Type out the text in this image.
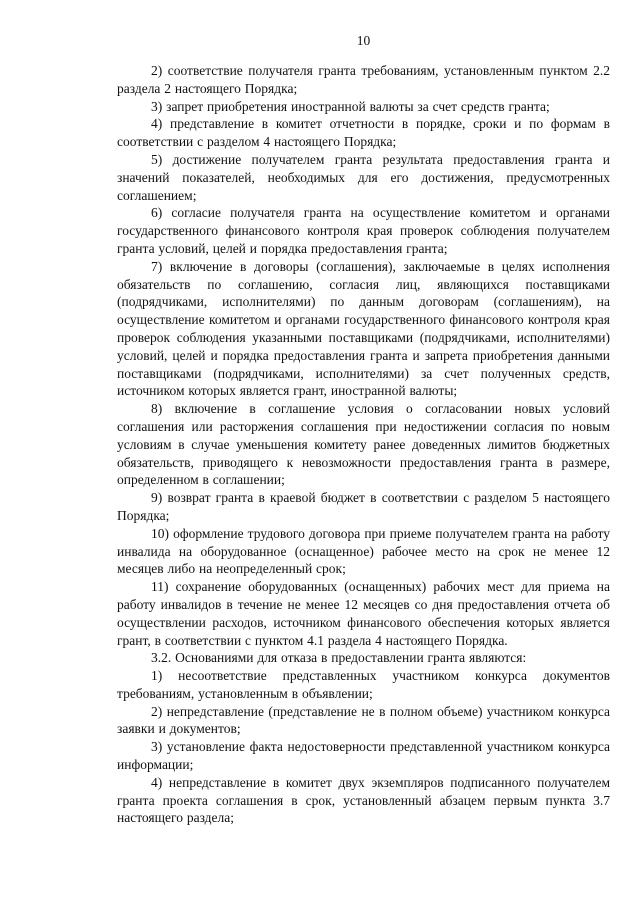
10

2) соответствие получателя гранта требованиям, установленным пунктом 2.2 раздела 2 настоящего Порядка;

3) запрет приобретения иностранной валюты за счет средств гранта;

4) представление в комитет отчетности в порядке, сроки и по формам в соответствии с разделом 4 настоящего Порядка;

5) достижение получателем гранта результата предоставления гранта и значений показателей, необходимых для его достижения, предусмотренных соглашением;

6) согласие получателя гранта на осуществление комитетом и органами государственного финансового контроля края проверок соблюдения получателем гранта условий, целей и порядка предоставления гранта;

7) включение в договоры (соглашения), заключаемые в целях исполнения обязательств по соглашению, согласия лиц, являющихся поставщиками (подрядчиками, исполнителями) по данным договорам (соглашениям), на осуществление комитетом и органами государственного финансового контроля края проверок соблюдения указанными поставщиками (подрядчиками, исполнителями) условий, целей и порядка предоставления гранта и запрета приобретения данными поставщиками (подрядчиками, исполнителями) за счет полученных средств, источником которых является грант, иностранной валюты;

8) включение в соглашение условия о согласовании новых условий соглашения или расторжения соглашения при недостижении согласия по новым условиям в случае уменьшения комитету ранее доведенных лимитов бюджетных обязательств, приводящего к невозможности предоставления гранта в размере, определенном в соглашении;

9) возврат гранта в краевой бюджет в соответствии с разделом 5 настоящего Порядка;

10) оформление трудового договора при приеме получателем гранта на работу инвалида на оборудованное (оснащенное) рабочее место на срок не менее 12 месяцев либо на неопределенный срок;

11) сохранение оборудованных (оснащенных) рабочих мест для приема на работу инвалидов в течение не менее 12 месяцев со дня предоставления отчета об осуществлении расходов, источником финансового обеспечения которых является грант, в соответствии с пунктом 4.1 раздела 4 настоящего Порядка.

3.2. Основаниями для отказа в предоставлении гранта являются:

1) несоответствие представленных участником конкурса документов требованиям, установленным в объявлении;

2) непредставление (представление не в полном объеме) участником конкурса заявки и документов;

3) установление факта недостоверности представленной участником конкурса информации;

4) непредставление в комитет двух экземпляров подписанного получателем гранта проекта соглашения в срок, установленный абзацем первым пункта 3.7 настоящего раздела;
